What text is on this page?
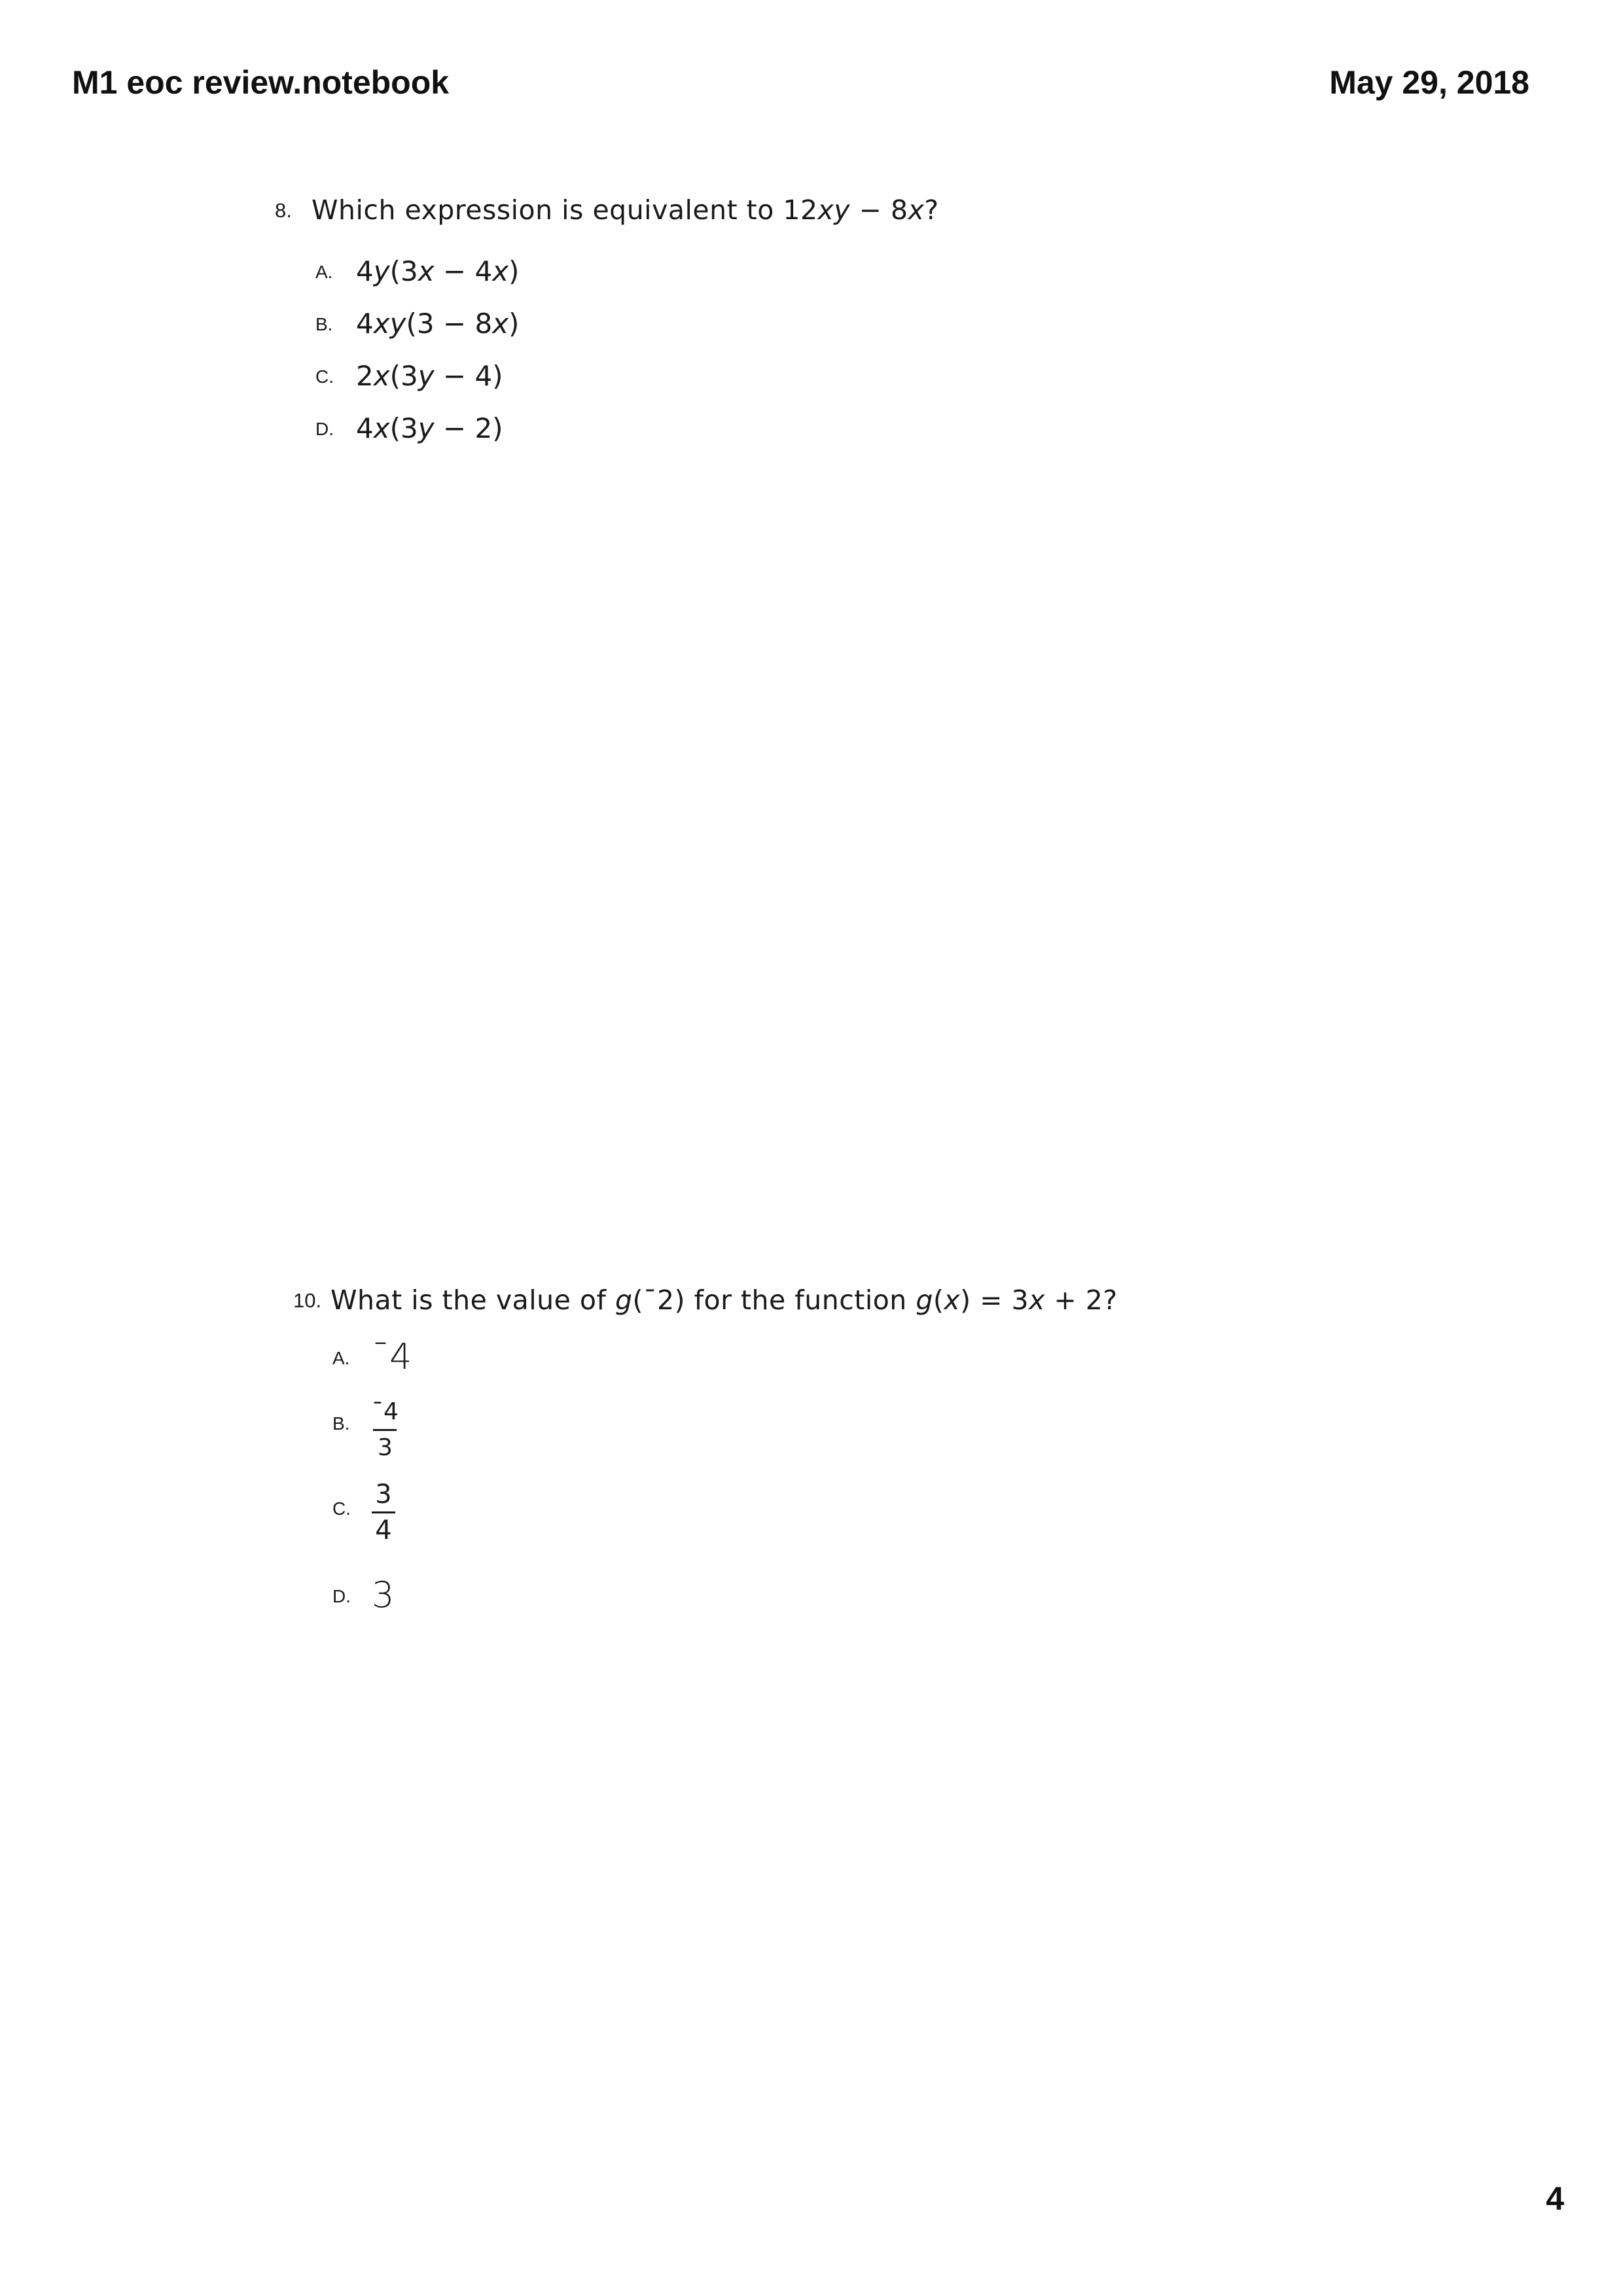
M1 eoc review.notebook	May 29, 2018
8. Which expression is equivalent to 12xy − 8x?
A. 4y(3x − 4x)
B. 4xy(3 − 8x)
C. 2x(3y − 4)
D. 4x(3y − 2)
10. What is the value of g(¯2) for the function g(x) = 3x + 2?
A. ¯4
B. ¯4
3
C. 3
4
D. 3
4
